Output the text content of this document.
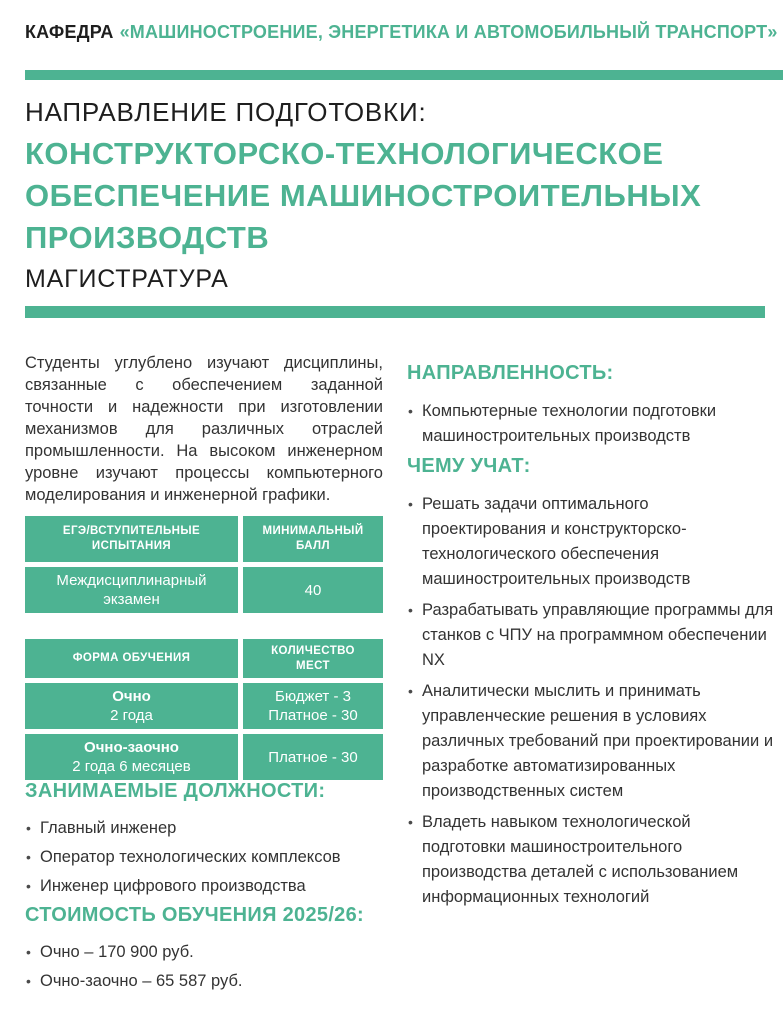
КАФЕДРА «МАШИНОСТРОЕНИЕ, ЭНЕРГЕТИКА И АВТОМОБИЛЬНЫЙ ТРАНСПОРТ»
НАПРАВЛЕНИЕ ПОДГОТОВКИ:
КОНСТРУКТОРСКО-ТЕХНОЛОГИЧЕСКОЕ ОБЕСПЕЧЕНИЕ МАШИНОСТРОИТЕЛЬНЫХ ПРОИЗВОДСТВ
МАГИСТРАТУРА

Студенты углублено изучают дисциплины, связанные с обеспечением заданной точности и надежности при изготовлении механизмов для различных отраслей промышленности. На высоком инженерном уровне изучают процессы компьютерного моделирования и инженерной графики.

ЕГЭ/ВСТУПИТЕЛЬНЫЕ ИСПЫТАНИЯ
МИНИМАЛЬНЫЙ БАЛЛ
Междисциплинарный экзамен
40
ФОРМА ОБУЧЕНИЯ
КОЛИЧЕСТВО МЕСТ
Очно
2 года
Бюджет - 3
Платное - 30
Очно-заочно
2 года 6 месяцев
Платное - 30
ЗАНИМАЕМЫЕ ДОЛЖНОСТИ:
• Главный инженер
• Оператор технологических комплексов
• Инженер цифрового производства
СТОИМОСТЬ ОБУЧЕНИЯ 2025/26:
• Очно – 170 900 руб.
• Очно-заочно – 65 587 руб.
НАПРАВЛЕННОСТЬ:
• Компьютерные технологии подготовки машиностроительных производств
ЧЕМУ УЧАТ:
• Решать задачи оптимального проектирования и конструкторско-технологического обеспечения машиностроительных производств
• Разрабатывать управляющие программы для станков с ЧПУ на программном обеспечении NX
• Аналитически мыслить и принимать управленческие решения в условиях различных требований при проектировании и разработке автоматизированных производственных систем
• Владеть навыком технологической подготовки машиностроительного производства деталей с использованием информационных технологий
